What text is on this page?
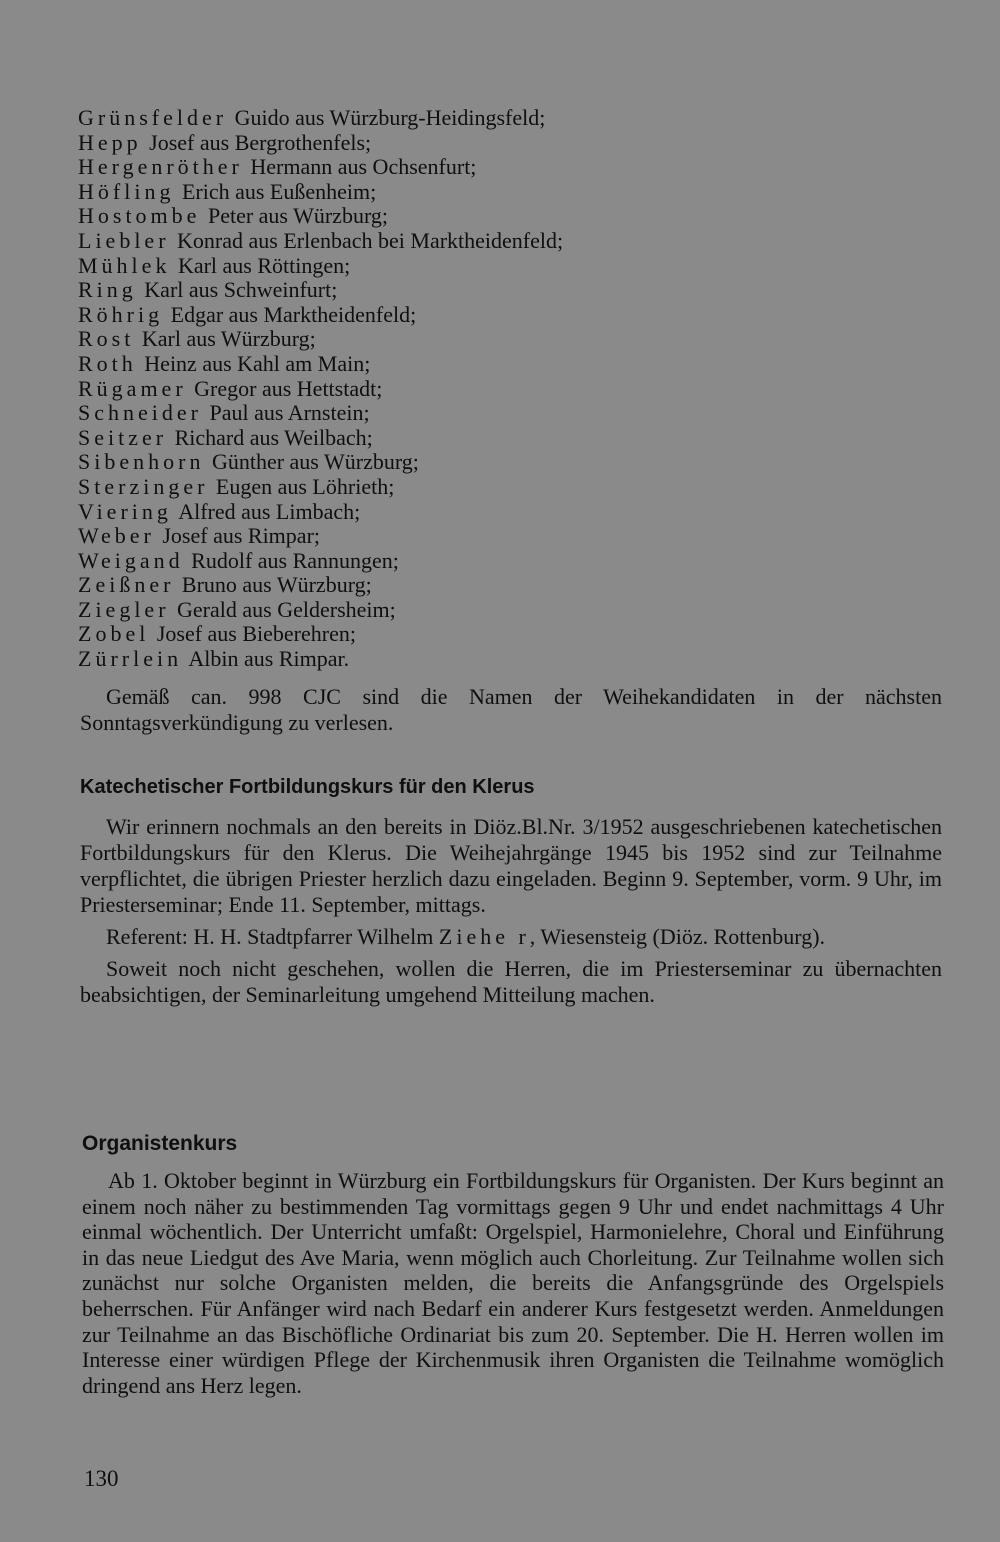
Grünsfelder Guido aus Würzburg-Heidingsfeld;
Hepp Josef aus Bergrothenfels;
Hergenröther Hermann aus Ochsenfurt;
Höfling Erich aus Eußenheim;
Hostombe Peter aus Würzburg;
Liebler Konrad aus Erlenbach bei Marktheidenfeld;
Mühlek Karl aus Röttingen;
Ring Karl aus Schweinfurt;
Röhrig Edgar aus Marktheidenfeld;
Rost Karl aus Würzburg;
Roth Heinz aus Kahl am Main;
Rügamer Gregor aus Hettstadt;
Schneider Paul aus Arnstein;
Seitzer Richard aus Weilbach;
Sibenhorn Günther aus Würzburg;
Sterzinger Eugen aus Löhrieth;
Viering Alfred aus Limbach;
Weber Josef aus Rimpar;
Weigand Rudolf aus Rannungen;
Zeißner Bruno aus Würzburg;
Ziegler Gerald aus Geldersheim;
Zobel Josef aus Bieberehren;
Zürrlein Albin aus Rimpar.

Gemäß can. 998 CJC sind die Namen der Weihekandidaten in der nächsten Sonntagsverkündigung zu verlesen.

Katechetischer Fortbildungskurs für den Klerus

Wir erinnern nochmals an den bereits in Diöz.Bl.Nr. 3/1952 ausgeschriebenen katechetischen Fortbildungskurs für den Klerus. Die Weihejahrgänge 1945 bis 1952 sind zur Teilnahme verpflichtet, die übrigen Priester herzlich dazu eingeladen. Beginn 9. September, vorm. 9 Uhr, im Priesterseminar; Ende 11. September, mittags.

Referent: H. H. Stadtpfarrer Wilhelm Ziehe r, Wiesensteig (Diöz. Rottenburg).

Soweit noch nicht geschehen, wollen die Herren, die im Priesterseminar zu übernachten beabsichtigen, der Seminarleitung umgehend Mitteilung machen.

Organistenkurs

Ab 1. Oktober beginnt in Würzburg ein Fortbildungskurs für Organisten. Der Kurs beginnt an einem noch näher zu bestimmenden Tag vormittags gegen 9 Uhr und endet nachmittags 4 Uhr einmal wöchentlich. Der Unterricht umfaßt: Orgelspiel, Harmonielehre, Choral und Einführung in das neue Liedgut des Ave Maria, wenn möglich auch Chorleitung. Zur Teilnahme wollen sich zunächst nur solche Organisten melden, die bereits die Anfangsgründe des Orgelspiels beherrschen. Für Anfänger wird nach Bedarf ein anderer Kurs festgesetzt werden. Anmeldungen zur Teilnahme an das Bischöfliche Ordinariat bis zum 20. September. Die H. Herren wollen im Interesse einer würdigen Pflege der Kirchenmusik ihren Organisten die Teilnahme womöglich dringend ans Herz legen.

130
